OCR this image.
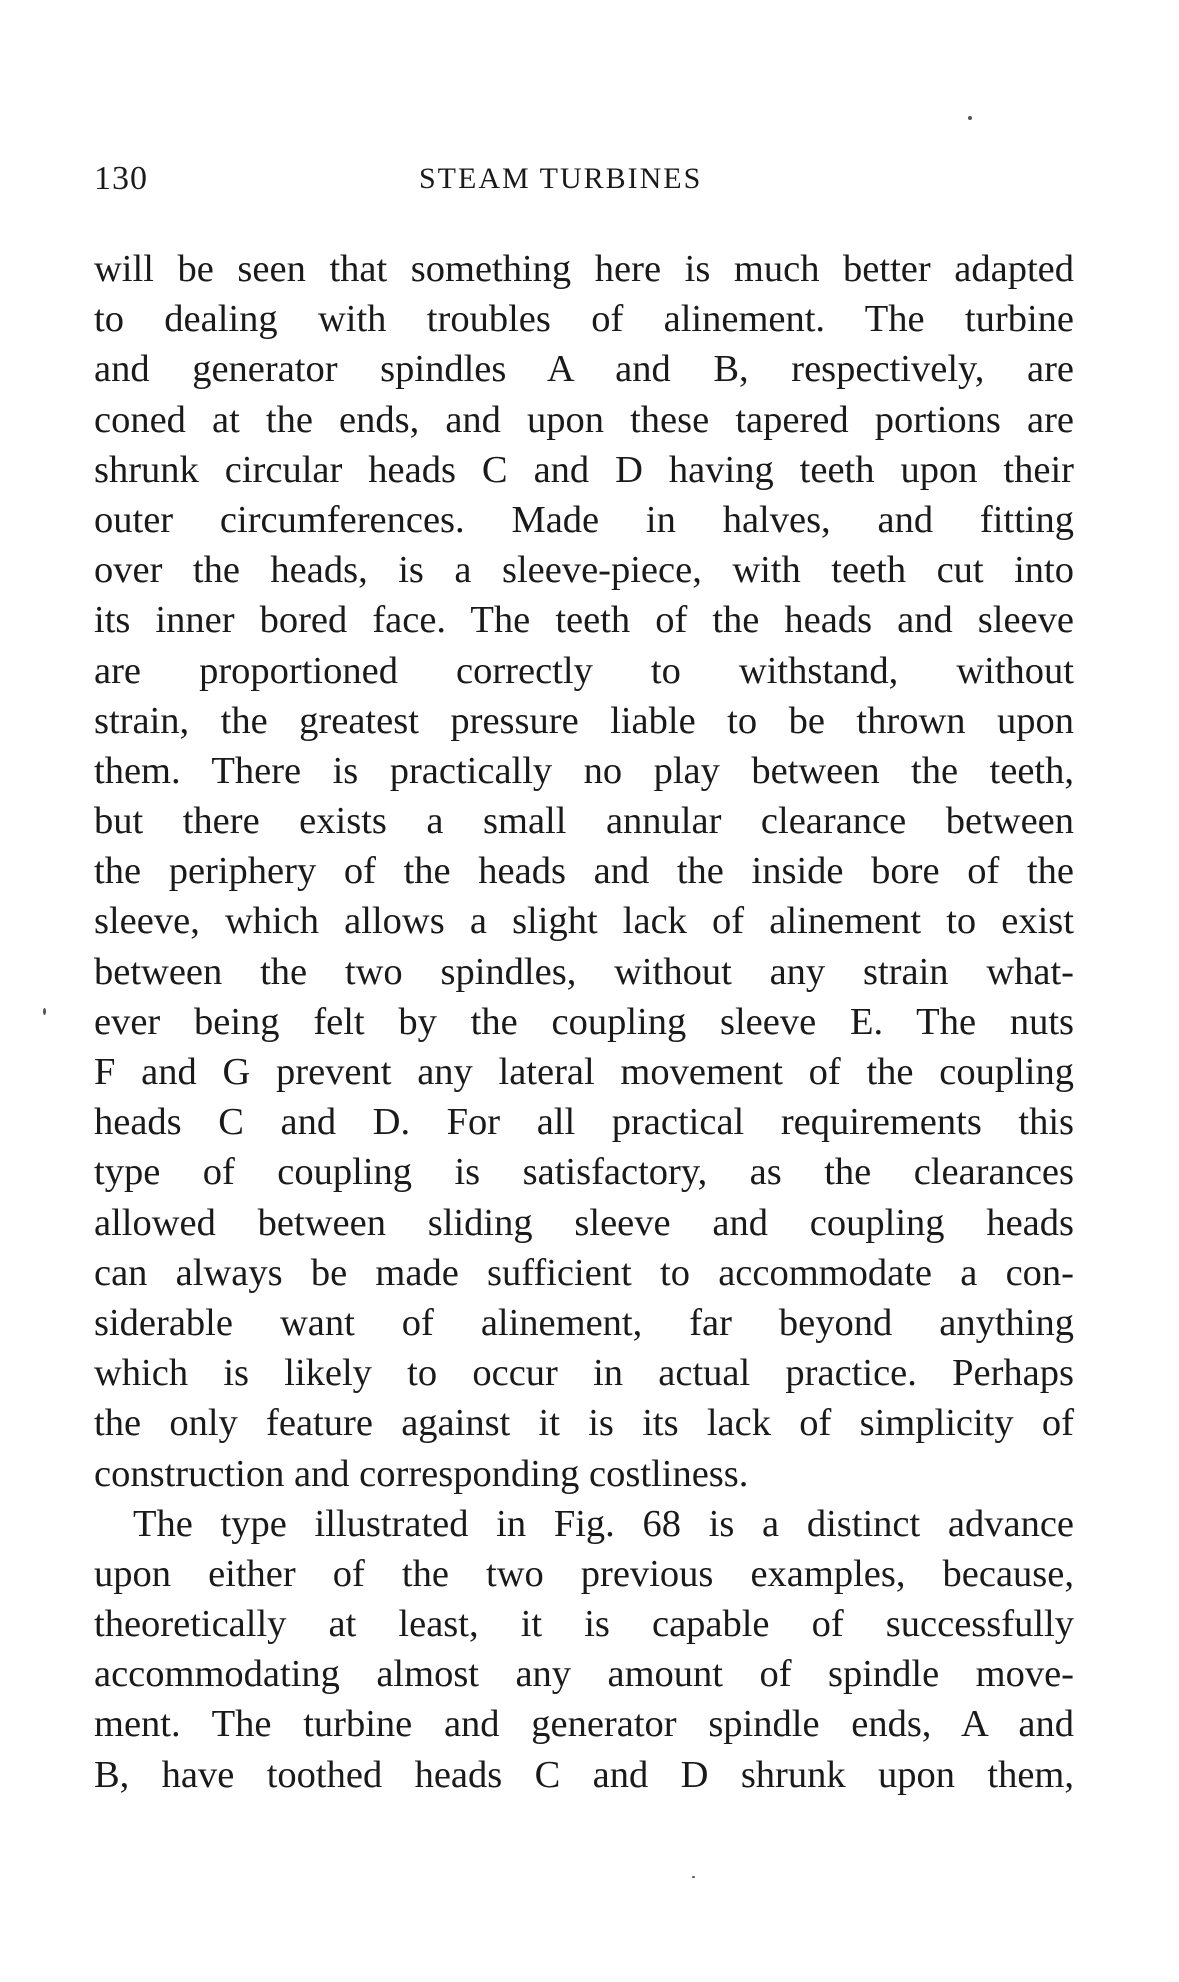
130	STEAM TURBINES
will be seen that something here is much better adapted
to dealing with troubles of alinement. The turbine
and generator spindles A and B, respectively, are
coned at the ends, and upon these tapered portions are
shrunk circular heads C and D having teeth upon their
outer circumferences. Made in halves, and fitting
over the heads, is a sleeve-piece, with teeth cut into
its inner bored face. The teeth of the heads and sleeve
are proportioned correctly to withstand, without
strain, the greatest pressure liable to be thrown upon
them. There is practically no play between the teeth,
but there exists a small annular clearance between
the periphery of the heads and the inside bore of the
sleeve, which allows a slight lack of alinement to exist
between the two spindles, without any strain what-
ever being felt by the coupling sleeve E. The nuts
F and G prevent any lateral movement of the coupling
heads C and D. For all practical requirements this
type of coupling is satisfactory, as the clearances
allowed between sliding sleeve and coupling heads
can always be made sufficient to accommodate a con-
siderable want of alinement, far beyond anything
which is likely to occur in actual practice. Perhaps
the only feature against it is its lack of simplicity of
construction and corresponding costliness.
The type illustrated in Fig. 68 is a distinct advance
upon either of the two previous examples, because,
theoretically at least, it is capable of successfully
accommodating almost any amount of spindle move-
ment. The turbine and generator spindle ends, A and
B, have toothed heads C and D shrunk upon them,
